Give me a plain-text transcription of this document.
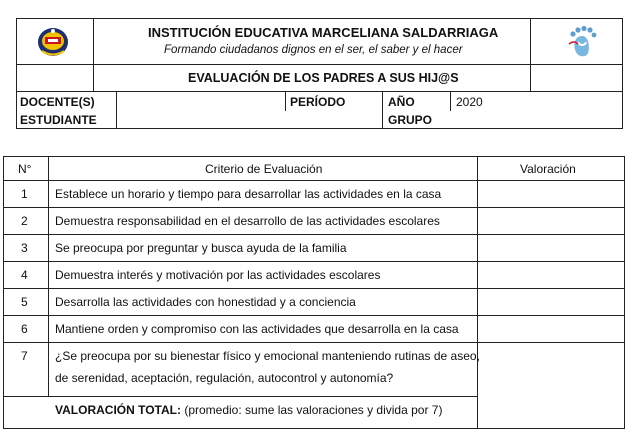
INSTITUCIÓN EDUCATIVA MARCELIANA SALDARRIAGA
Formando ciudadanos dignos en el ser, el saber y el hacer
EVALUACIÓN DE LOS PADRES A SUS HIJ@S
DOCENTE(S)
ESTUDIANTE
PERÍODO	AÑO	2020
GRUPO
N°	Criterio de Evaluación	Valoración
1 Establece un horario y tiempo para desarrollar las actividades en la casa
2 Demuestra responsabilidad en el desarrollo de las actividades escolares
3 Se preocupa por preguntar y busca ayuda de la familia
4 Demuestra interés y motivación por las actividades escolares
5 Desarrolla las actividades con honestidad y a conciencia
6 Mantiene orden y compromiso con las actividades que desarrolla en la casa
7 ¿Se preocupa por su bienestar físico y emocional manteniendo rutinas de aseo,
de serenidad, aceptación, regulación, autocontrol y autonomía?
VALORACIÓN TOTAL: (promedio: sume las valoraciones y divida por 7)
